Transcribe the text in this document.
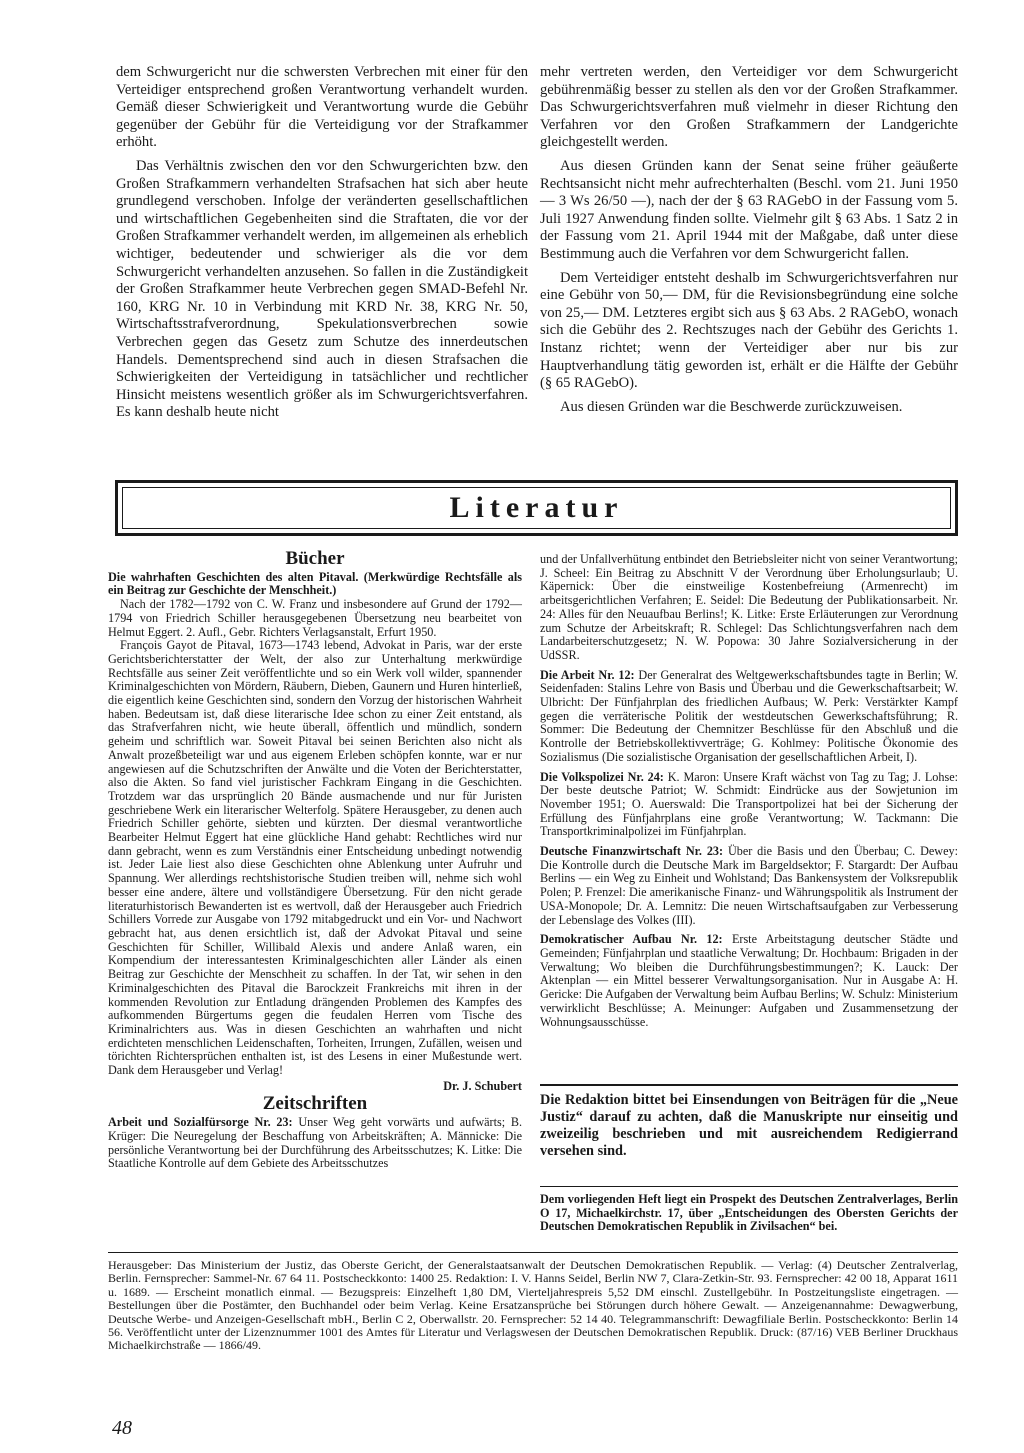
dem Schwurgericht nur die schwersten Verbrechen mit einer für den Verteidiger entsprechend großen Verantwortung verhandelt wurden. Gemäß dieser Schwierigkeit und Verantwortung wurde die Gebühr gegenüber der Gebühr für die Verteidigung vor der Strafkammer erhöht.

Das Verhältnis zwischen den vor den Schwurgerichten bzw. den Großen Strafkammern verhandelten Strafsachen hat sich aber heute grundlegend verschoben. Infolge der veränderten gesellschaftlichen und wirtschaftlichen Gegebenheiten sind die Straftaten, die vor der Großen Strafkammer verhandelt werden, im allgemeinen als erheblich wichtiger, bedeutender und schwieriger als die vor dem Schwurgericht verhandelten anzusehen. So fallen in die Zuständigkeit der Großen Strafkammer heute Verbrechen gegen SMAD-Befehl Nr. 160, KRG Nr. 10 in Verbindung mit KRD Nr. 38, KRG Nr. 50, Wirtschaftsstrafverordnung, Spekulationsverbrechen sowie Verbrechen gegen das Gesetz zum Schutze des innerdeutschen Handels. Dementsprechend sind auch in diesen Strafsachen die Schwierigkeiten der Verteidigung in tatsächlicher und rechtlicher Hinsicht meistens wesentlich größer als im Schwurgerichtsverfahren. Es kann deshalb heute nicht

mehr vertreten werden, den Verteidiger vor dem Schwurgericht gebührenmäßig besser zu stellen als den vor der Großen Strafkammer. Das Schwurgerichtsverfahren muß vielmehr in dieser Richtung den Verfahren vor den Großen Strafkammern der Landgerichte gleichgestellt werden.

Aus diesen Gründen kann der Senat seine früher geäußerte Rechtsansicht nicht mehr aufrechterhalten (Beschl. vom 21. Juni 1950 — 3 Ws 26/50 —), nach der der § 63 RAGebO in der Fassung vom 5. Juli 1927 Anwendung finden sollte. Vielmehr gilt § 63 Abs. 1 Satz 2 in der Fassung vom 21. April 1944 mit der Maßgabe, daß unter diese Bestimmung auch die Verfahren vor dem Schwurgericht fallen.

Dem Verteidiger entsteht deshalb im Schwurgerichtsverfahren nur eine Gebühr von 50,— DM, für die Revisionsbegründung eine solche von 25,— DM. Letzteres ergibt sich aus § 63 Abs. 2 RAGebO, wonach sich die Gebühr des 2. Rechtszuges nach der Gebühr des Gerichts 1. Instanz richtet; wenn der Verteidiger aber nur bis zur Hauptverhandlung tätig geworden ist, erhält er die Hälfte der Gebühr (§ 65 RAGebO).

Aus diesen Gründen war die Beschwerde zurückzuweisen.

Literatur
Bücher

Die wahrhaften Geschichten des alten Pitaval. (Merkwürdige Rechtsfälle als ein Beitrag zur Geschichte der Menschheit.)

Nach der 1782—1792 von C. W. Franz und insbesondere auf Grund der 1792—1794 von Friedrich Schiller herausgegebenen Übersetzung neu bearbeitet von Helmut Eggert. 2. Aufl., Gebr. Richters Verlagsanstalt, Erfurt 1950.

François Gayot de Pitaval, 1673—1743 lebend, Advokat in Paris, war der erste Gerichtsberichterstatter der Welt, der also zur Unterhaltung merkwürdige Rechtsfälle aus seiner Zeit veröffentlichte und so ein Werk voll wilder, spannender Kriminalgeschichten von Mördern, Räubern, Dieben, Gaunern und Huren hinterließ, die eigentlich keine Geschichten sind, sondern den Vorzug der historischen Wahrheit haben. Bedeutsam ist, daß diese literarische Idee schon zu einer Zeit entstand, als das Strafverfahren nicht, wie heute überall, öffentlich und mündlich, sondern geheim und schriftlich war. Soweit Pitaval bei seinen Berichten also nicht als Anwalt prozeßbeteiligt war und aus eigenem Erleben schöpfen konnte, war er nur angewiesen auf die Schutzschriften der Anwälte und die Voten der Berichterstatter, also die Akten. So fand viel juristischer Fachkram Eingang in die Geschichten. Trotzdem war das ursprünglich 20 Bände ausmachende und nur für Juristen geschriebene Werk ein literarischer Welterfolg. Spätere Herausgeber, zu denen auch Friedrich Schiller gehörte, siebten und kürzten. Der diesmal verantwortliche Bearbeiter Helmut Eggert hat eine glückliche Hand gehabt: Rechtliches wird nur dann gebracht, wenn es zum Verständnis einer Entscheidung unbedingt notwendig ist. Jeder Laie liest also diese Geschichten ohne Ablenkung unter Aufruhr und Spannung. Wer allerdings rechtshistorische Studien treiben will, nehme sich wohl besser eine andere, ältere und vollständigere Übersetzung. Für den nicht gerade literaturhistorisch Bewanderten ist es wertvoll, daß der Herausgeber auch Friedrich Schillers Vorrede zur Ausgabe von 1792 mitabgedruckt und ein Vor- und Nachwort gebracht hat, aus denen ersichtlich ist, daß der Advokat Pitaval und seine Geschichten für Schiller, Willibald Alexis und andere Anlaß waren, ein Kompendium der interessantesten Kriminalgeschichten aller Länder als einen Beitrag zur Geschichte der Menschheit zu schaffen. In der Tat, wir sehen in den Kriminalgeschichten des Pitaval die Barockzeit Frankreichs mit ihren in der kommenden Revolution zur Entladung drängenden Problemen des Kampfes des aufkommenden Bürgertums gegen die feudalen Herren vom Tische des Kriminalrichters aus. Was in diesen Geschichten an wahrhaften und nicht erdichteten menschlichen Leidenschaften, Torheiten, Irrungen, Zufällen, weisen und törichten Richtersprüchen enthalten ist, ist des Lesens in einer Mußestunde wert. Dank dem Herausgeber und Verlag!

Dr. J. Schubert
Zeitschriften

Arbeit und Sozialfürsorge Nr. 23: Unser Weg geht vorwärts und aufwärts; B. Krüger: Die Neuregelung der Beschaffung von Arbeitskräften; A. Männicke: Die persönliche Verantwortung bei der Durchführung des Arbeitsschutzes; K. Litke: Die Staatliche Kontrolle auf dem Gebiete des Arbeitsschutzes

und der Unfallverhütung entbindet den Betriebsleiter nicht von seiner Verantwortung; J. Scheel: Ein Beitrag zu Abschnitt V der Verordnung über Erholungsurlaub; U. Käpernick: Über die einstweilige Kostenbefreiung (Armenrecht) im arbeitsgerichtlichen Verfahren; E. Seidel: Die Bedeutung der Publikationsarbeit. Nr. 24: Alles für den Neuaufbau Berlins!; K. Litke: Erste Erläuterungen zur Verordnung zum Schutze der Arbeitskraft; R. Schlegel: Das Schlichtungsverfahren nach dem Landarbeiterschutzgesetz; N. W. Popowa: 30 Jahre Sozialversicherung in der UdSSR.

Die Arbeit Nr. 12: Der Generalrat des Weltgewerkschaftsbundes tagte in Berlin; W. Seidenfaden: Stalins Lehre von Basis und Überbau und die Gewerkschaftsarbeit; W. Ulbricht: Der Fünfjahrplan des friedlichen Aufbaus; W. Perk: Verstärkter Kampf gegen die verräterische Politik der westdeutschen Gewerkschaftsführung; R. Sommer: Die Bedeutung der Chemnitzer Beschlüsse für den Abschluß und die Kontrolle der Betriebskollektivverträge; G. Kohlmey: Politische Ökonomie des Sozialismus (Die sozialistische Organisation der gesellschaftlichen Arbeit, I).

Die Volkspolizei Nr. 24: K. Maron: Unsere Kraft wächst von Tag zu Tag; J. Lohse: Der beste deutsche Patriot; W. Schmidt: Eindrücke aus der Sowjetunion im November 1951; O. Auerswald: Die Transportpolizei hat bei der Sicherung der Erfüllung des Fünfjahrplans eine große Verantwortung; W. Tackmann: Die Transportkriminalpolizei im Fünfjahrplan.

Deutsche Finanzwirtschaft Nr. 23: Über die Basis und den Überbau; C. Dewey: Die Kontrolle durch die Deutsche Mark im Bargeldsektor; F. Stargardt: Der Aufbau Berlins — ein Weg zu Einheit und Wohlstand; Das Bankensystem der Volksrepublik Polen; P. Frenzel: Die amerikanische Finanz- und Währungspolitik als Instrument der USA-Monopole; Dr. A. Lemnitz: Die neuen Wirtschaftsaufgaben zur Verbesserung der Lebenslage des Volkes (III).

Demokratischer Aufbau Nr. 12: Erste Arbeitstagung deutscher Städte und Gemeinden; Fünfjahrplan und staatliche Verwaltung; Dr. Hochbaum: Brigaden in der Verwaltung; Wo bleiben die Durchführungsbestimmungen?; K. Lauck: Der Aktenplan — ein Mittel besserer Verwaltungsorganisation. Nur in Ausgabe A: H. Gericke: Die Aufgaben der Verwaltung beim Aufbau Berlins; W. Schulz: Ministerium verwirklicht Beschlüsse; A. Meinunger: Aufgaben und Zusammensetzung der Wohnungsausschüsse.

Die Redaktion bittet bei Einsendungen von Beiträgen für die „Neue Justiz“ darauf zu achten, daß die Manuskripte nur einseitig und zweizeilig beschrieben und mit ausreichendem Redigierrand versehen sind.
Dem vorliegenden Heft liegt ein Prospekt des Deutschen Zentralverlages, Berlin O 17, Michaelkirchstr. 17, über „Entscheidungen des Obersten Gerichts der Deutschen Demokratischen Republik in Zivilsachen“ bei.
Herausgeber: Das Ministerium der Justiz, das Oberste Gericht, der Generalstaatsanwalt der Deutschen Demokratischen Republik. — Verlag: (4) Deutscher Zentralverlag, Berlin. Fernsprecher: Sammel-Nr. 67 64 11. Postscheckkonto: 1400 25. Redaktion: I. V. Hanns Seidel, Berlin NW 7, Clara-Zetkin-Str. 93. Fernsprecher: 42 00 18, Apparat 1611 u. 1689. — Erscheint monatlich einmal. — Bezugspreis: Einzelheft 1,80 DM, Vierteljahrespreis 5,52 DM einschl. Zustellgebühr. In Postzeitungsliste eingetragen. — Bestellungen über die Postämter, den Buchhandel oder beim Verlag. Keine Ersatzansprüche bei Störungen durch höhere Gewalt. — Anzeigenannahme: Dewagwerbung, Deutsche Werbe- und Anzeigen-Gesellschaft mbH., Berlin C 2, Oberwallstr. 20. Fernsprecher: 52 14 40. Telegrammanschrift: Dewagfiliale Berlin. Postscheckkonto: Berlin 14 56. Veröffentlicht unter der Lizenznummer 1001 des Amtes für Literatur und Verlagswesen der Deutschen Demokratischen Republik. Druck: (87/16) VEB Berliner Druckhaus Michaelkirchstraße — 1866/49.
48
